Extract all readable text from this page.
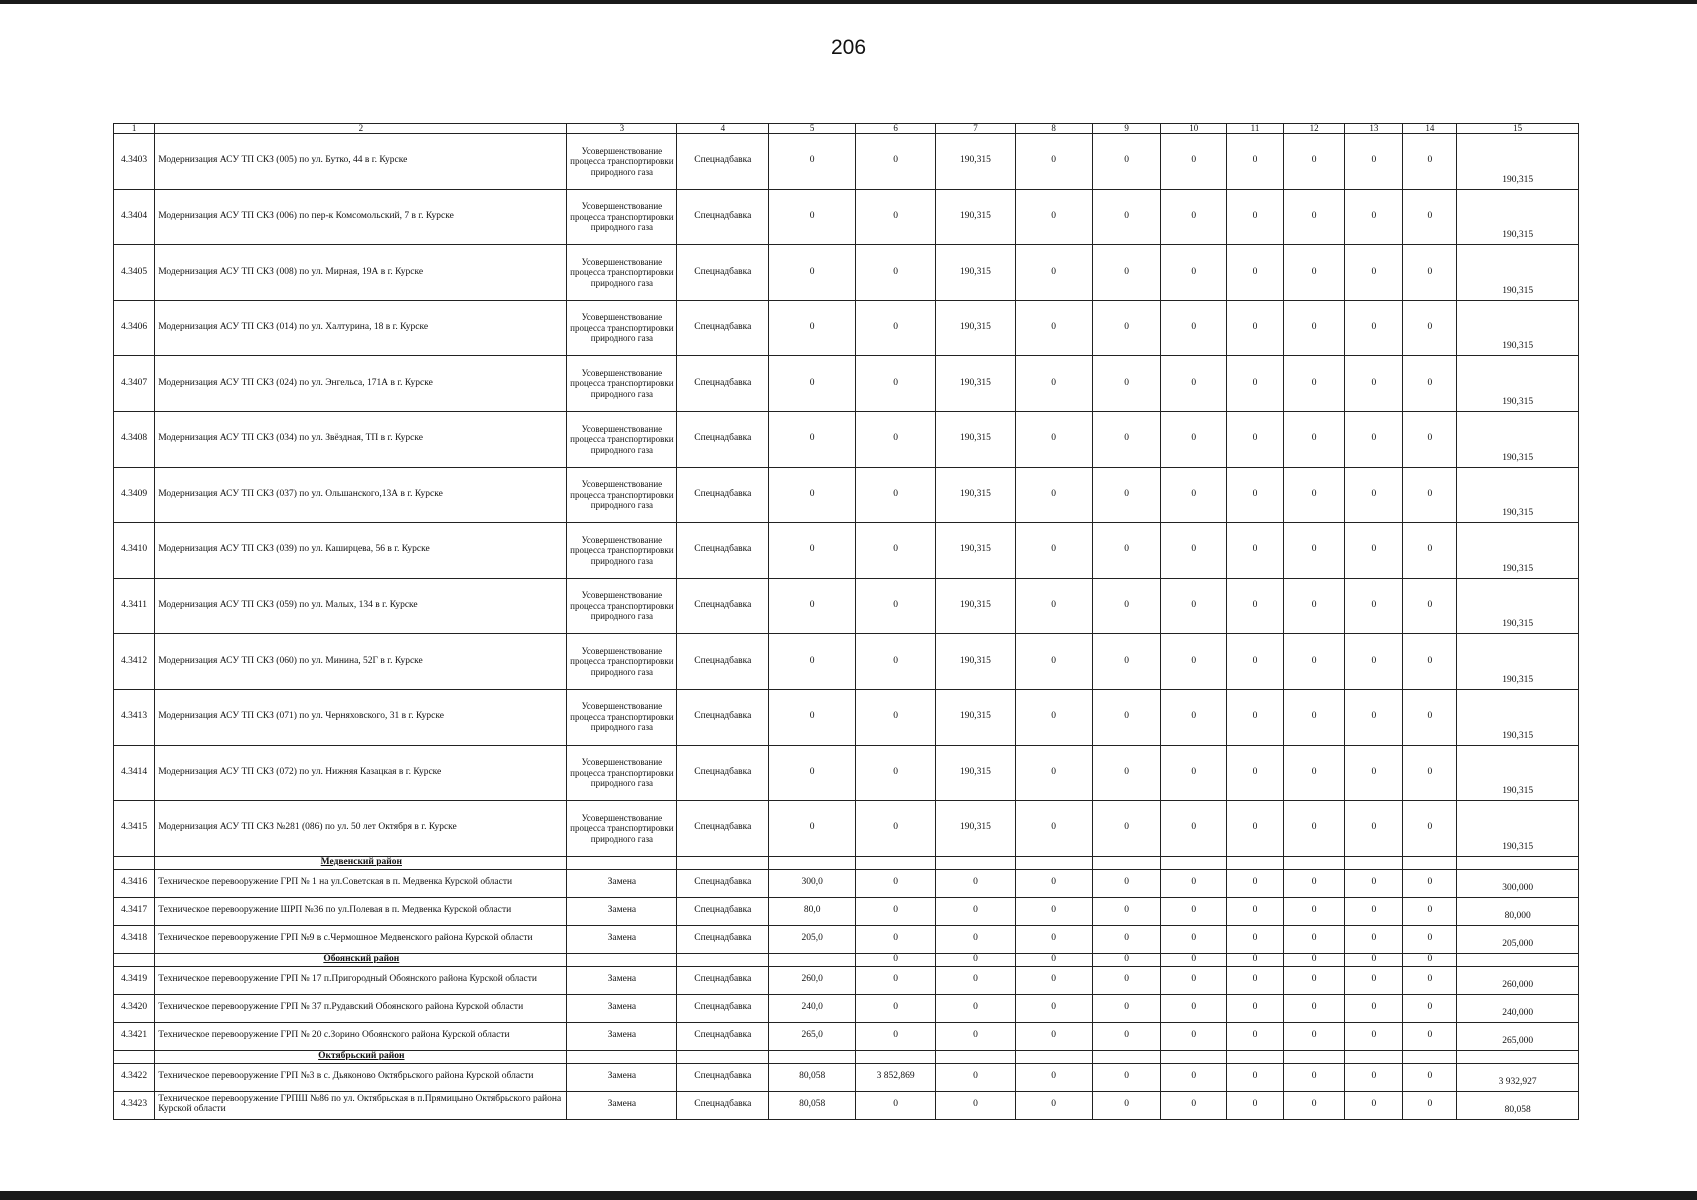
206
1	2	3	4	5	6	7	8	9	10	11	12	13	14	15
4.3403	Модернизация АСУ ТП СКЗ (005) по ул. Бутко, 44 в г. Курске	Усовершенствование процесса транспортировки природного газа	Спецнадбавка	0	0	190,315	0	0	0	0	0	0	0	190,315
4.3404	Модернизация АСУ ТП СКЗ (006) по пер-к Комсомольский, 7 в г. Курске	Усовершенствование процесса транспортировки природного газа	Спецнадбавка	0	0	190,315	0	0	0	0	0	0	0	190,315
4.3405	Модернизация АСУ ТП СКЗ (008) по ул. Мирная, 19А в г. Курске	Усовершенствование процесса транспортировки природного газа	Спецнадбавка	0	0	190,315	0	0	0	0	0	0	0	190,315
4.3406	Модернизация АСУ ТП СКЗ (014) по ул. Халтурина, 18 в г. Курске	Усовершенствование процесса транспортировки природного газа	Спецнадбавка	0	0	190,315	0	0	0	0	0	0	0	190,315
4.3407	Модернизация АСУ ТП СКЗ (024) по ул. Энгельса, 171А в г. Курске	Усовершенствование процесса транспортировки природного газа	Спецнадбавка	0	0	190,315	0	0	0	0	0	0	0	190,315
4.3408	Модернизация АСУ ТП СКЗ (034) по ул. Звёздная, ТП в г. Курске	Усовершенствование процесса транспортировки природного газа	Спецнадбавка	0	0	190,315	0	0	0	0	0	0	0	190,315
4.3409	Модернизация АСУ ТП СКЗ (037) по ул. Ольшанского,13А в г. Курске	Усовершенствование процесса транспортировки природного газа	Спецнадбавка	0	0	190,315	0	0	0	0	0	0	0	190,315
4.3410	Модернизация АСУ ТП СКЗ (039) по ул. Каширцева, 56 в г. Курске	Усовершенствование процесса транспортировки природного газа	Спецнадбавка	0	0	190,315	0	0	0	0	0	0	0	190,315
4.3411	Модернизация АСУ ТП СКЗ (059) по ул. Малых, 134 в г. Курске	Усовершенствование процесса транспортировки природного газа	Спецнадбавка	0	0	190,315	0	0	0	0	0	0	0	190,315
4.3412	Модернизация АСУ ТП СКЗ (060) по ул. Минина, 52Г в г. Курске	Усовершенствование процесса транспортировки природного газа	Спецнадбавка	0	0	190,315	0	0	0	0	0	0	0	190,315
4.3413	Модернизация АСУ ТП СКЗ (071) по ул. Черняховского, 31 в г. Курске	Усовершенствование процесса транспортировки природного газа	Спецнадбавка	0	0	190,315	0	0	0	0	0	0	0	190,315
4.3414	Модернизация АСУ ТП СКЗ (072) по ул. Нижняя Казацкая в г. Курске	Усовершенствование процесса транспортировки природного газа	Спецнадбавка	0	0	190,315	0	0	0	0	0	0	0	190,315
4.3415	Модернизация АСУ ТП СКЗ №281 (086) по ул. 50 лет Октября в г. Курске	Усовершенствование процесса транспортировки природного газа	Спецнадбавка	0	0	190,315	0	0	0	0	0	0	0	190,315
	Медвенский район													
4.3416	Техническое перевооружение ГРП № 1 на ул.Советская в п. Медвенка Курской области	Замена	Спецнадбавка	300,0	0	0	0	0	0	0	0	0	0	300,000
4.3417	Техническое перевооружение ШРП №36 по ул.Полевая в п. Медвенка Курской области	Замена	Спецнадбавка	80,0	0	0	0	0	0	0	0	0	0	80,000
4.3418	Техническое перевооружение ГРП №9 в с.Чермошное Медвенского района Курской области	Замена	Спецнадбавка	205,0	0	0	0	0	0	0	0	0	0	205,000
	Обоянский район				0	0	0	0	0	0	0	0	0	
4.3419	Техническое перевооружение ГРП № 17 п.Пригородный Обоянского района Курской области	Замена	Спецнадбавка	260,0	0	0	0	0	0	0	0	0	0	260,000
4.3420	Техническое перевооружение ГРП № 37 п.Рудавский Обоянского района Курской области	Замена	Спецнадбавка	240,0	0	0	0	0	0	0	0	0	0	240,000
4.3421	Техническое перевооружение ГРП № 20 с.Зорино Обоянского района Курской области	Замена	Спецнадбавка	265,0	0	0	0	0	0	0	0	0	0	265,000
	Октябрьский район													
4.3422	Техническое перевооружение ГРП №3 в с. Дьяконово Октябрьского района Курской области	Замена	Спецнадбавка	80,058	3 852,869	0	0	0	0	0	0	0	0	3 932,927
4.3423	Техническое перевооружение ГРПШ №86 по ул. Октябрьская в п.Прямицыно Октябрьского района Курской области	Замена	Спецнадбавка	80,058	0	0	0	0	0	0	0	0	0	80,058
